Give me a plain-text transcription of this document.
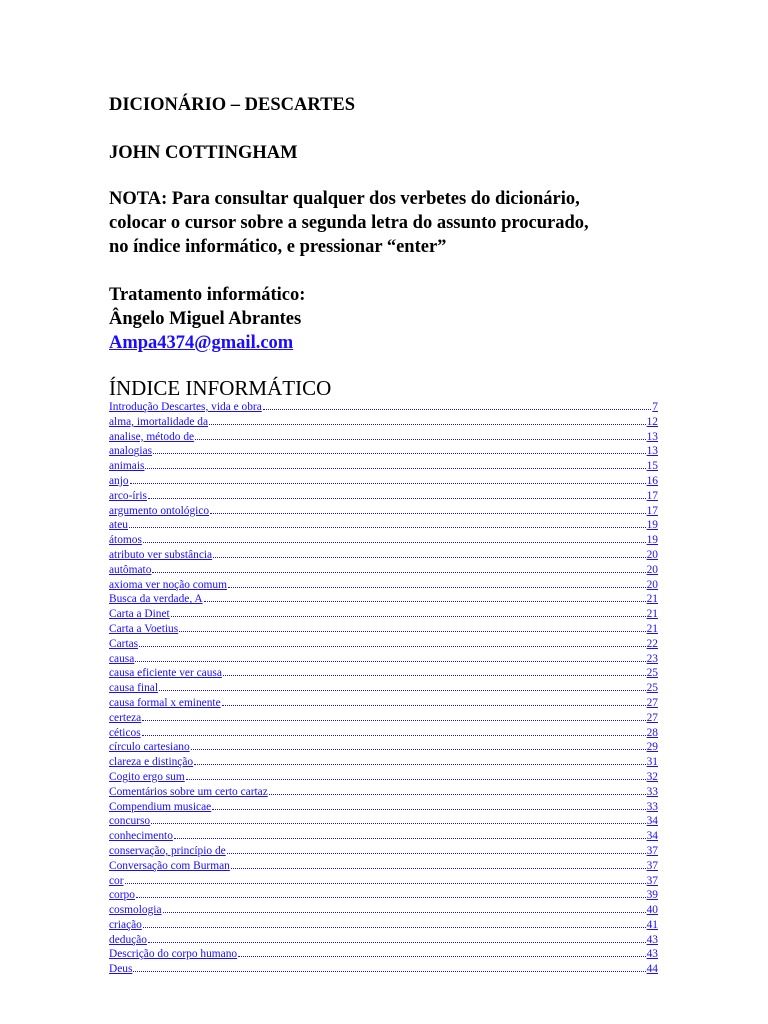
DICIONÁRIO – DESCARTES

JOHN COTTINGHAM

NOTA: Para consultar qualquer dos verbetes do dicionário,

colocar o cursor sobre a segunda letra do assunto procurado,

no índice informático, e pressionar “enter”

Tratamento informático:

Ângelo Miguel Abrantes

Ampa4374@gmail.com

ÍNDICE INFORMÁTICO
Introdução Descartes, vida e obra	7
alma, imortalidade da	12
analise, método de	13
analogias	13
animais	15
anjo	16
arco-íris	17
argumento ontológico	17
ateu	19
átomos	19
atributo ver substância	20
autômato	20
axioma ver noção comum	20
Busca da verdade, A	21
Carta a Dinet	21
Carta a Voetius	21
Cartas	22
causa	23
causa eficiente ver causa	25
causa final	25
causa formal x eminente	27
certeza	27
céticos	28
círculo cartesiano	29
clareza e distinção	31
Cogito ergo sum	32
Comentários sobre um certo cartaz	33
Compendium musicae	33
concurso	34
conhecimento	34
conservação, princípio de	37
Conversação com Burman	37
cor	37
corpo	39
cosmologia	40
criação	41
dedução	43
Descrição do corpo humano	43
Deus	44
